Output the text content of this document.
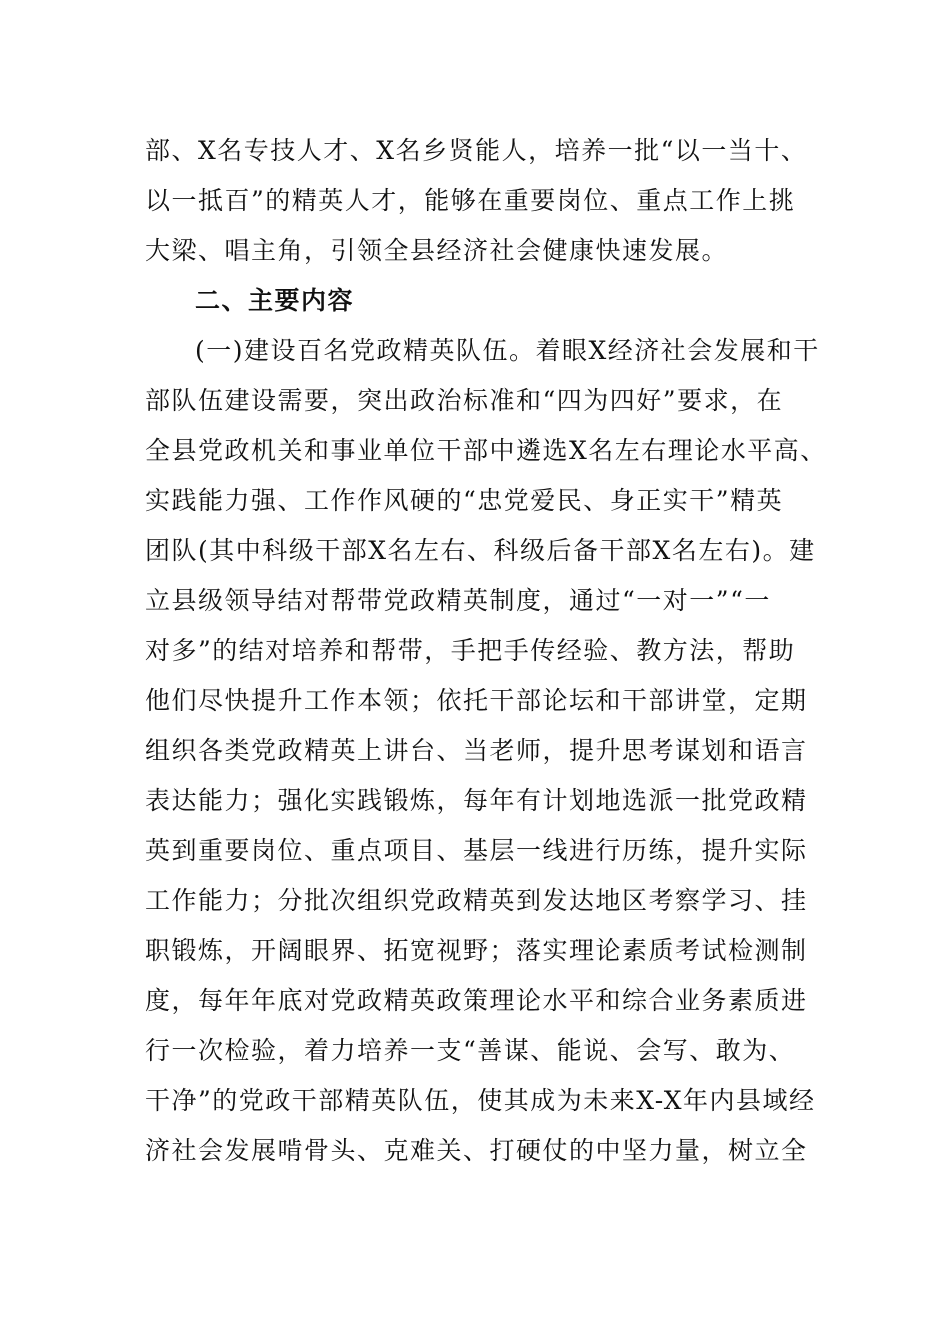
部、X名专技人才、X名乡贤能人，培养一批“以一当十、
以一抵百”的精英人才，能够在重要岗位、重点工作上挑
大梁、唱主角，引领全县经济社会健康快速发展。
二、主要内容
(一)建设百名党政精英队伍。着眼X经济社会发展和干
部队伍建设需要，突出政治标准和“四为四好”要求，在
全县党政机关和事业单位干部中遴选X名左右理论水平高、
实践能力强、工作作风硬的“忠党爱民、身正实干”精英
团队(其中科级干部X名左右、科级后备干部X名左右)。建
立县级领导结对帮带党政精英制度，通过“一对一”“一
对多”的结对培养和帮带，手把手传经验、教方法，帮助
他们尽快提升工作本领；依托干部论坛和干部讲堂，定期
组织各类党政精英上讲台、当老师，提升思考谋划和语言
表达能力；强化实践锻炼，每年有计划地选派一批党政精
英到重要岗位、重点项目、基层一线进行历练，提升实际
工作能力；分批次组织党政精英到发达地区考察学习、挂
职锻炼，开阔眼界、拓宽视野；落实理论素质考试检测制
度，每年年底对党政精英政策理论水平和综合业务素质进
行一次检验，着力培养一支“善谋、能说、会写、敢为、
干净”的党政干部精英队伍，使其成为未来X-X年内县域经
济社会发展啃骨头、克难关、打硬仗的中坚力量，树立全
